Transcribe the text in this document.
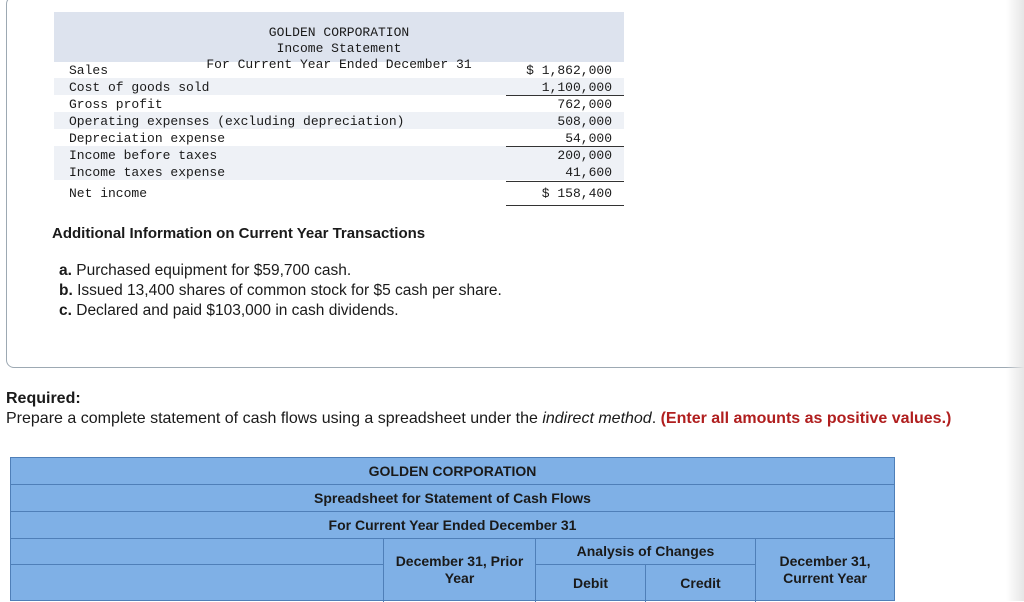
GOLDEN CORPORATION
Income Statement
For Current Year Ended December 31
Sales	$ 1,862,000
Cost of goods sold	1,100,000
Gross profit	762,000
Operating expenses (excluding depreciation)	508,000
Depreciation expense	54,000
Income before taxes	200,000
Income taxes expense	41,600
Net income	$ 158,400
Additional Information on Current Year Transactions
a. Purchased equipment for $59,700 cash.
b. Issued 13,400 shares of common stock for $5 cash per share.
c. Declared and paid $103,000 in cash dividends.
Required:
Prepare a complete statement of cash flows using a spreadsheet under the indirect method. (Enter all amounts as positive values.)
GOLDEN CORPORATION
Spreadsheet for Statement of Cash Flows
For Current Year Ended December 31
December 31, Prior Year
Analysis of Changes
Debit	Credit
December 31, Current Year
